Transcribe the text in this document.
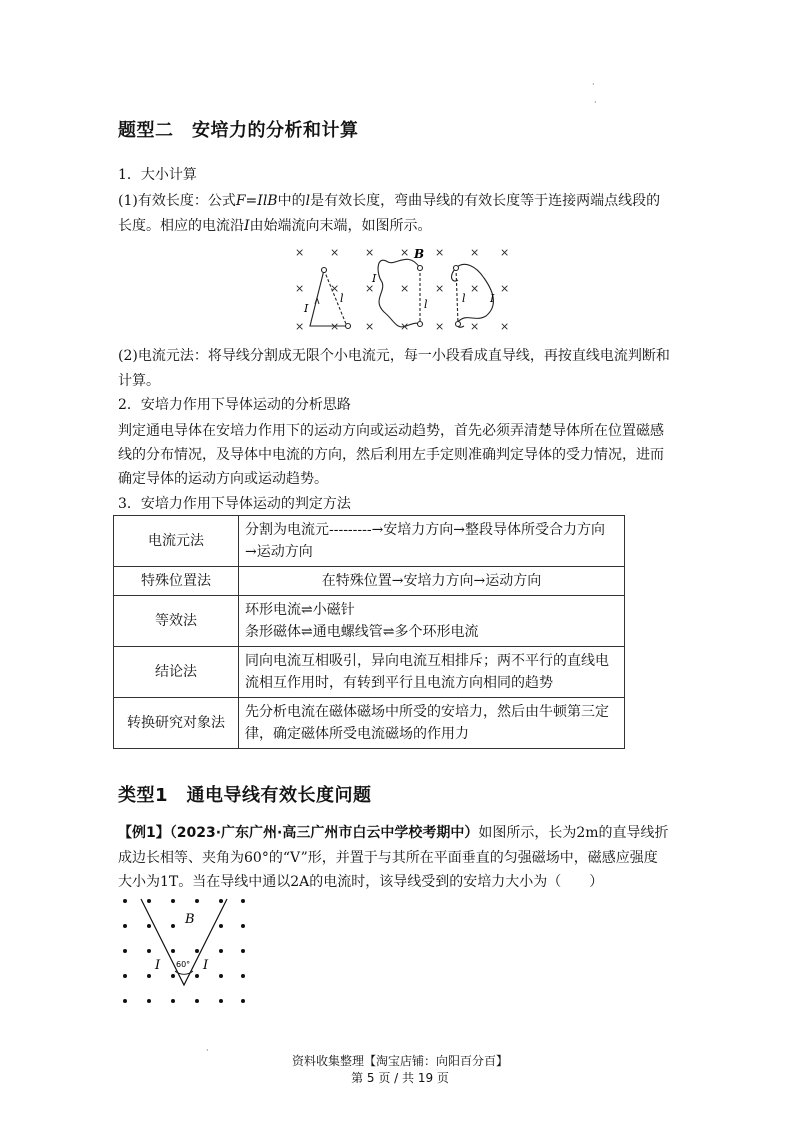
·
·
题型二　安培力的分析和计算
1．大小计算
(1)有效长度：公式F=IlB中的l是有效长度，弯曲导线的有效长度等于连接两端点线段的
长度。相应的电流沿I由始端流向末端，如图所示。
× × × × × × ×
× × × × × × ×
× × × × × × ×
I
l
B
I
l	l I
(2)电流元法：将导线分割成无限个小电流元，每一小段看成直导线，再按直线电流判断和
计算。
2．安培力作用下导体运动的分析思路
判定通电导体在安培力作用下的运动方向或运动趋势，首先必须弄清楚导体所在位置磁感
线的分布情况，及导体中电流的方向，然后利用左手定则准确判定导体的受力情况，进而
确定导体的运动方向或运动趋势。
3．安培力作用下导体运动的判定方法
电流元法	分割为电流元---------→安培力方向→整段导体所受合力方向
→运动方向

特殊位置法	在特殊位置→安培力方向→运动方向

等效法	环形电流⇌小磁针
条形磁体⇌通电螺线管⇌多个环形电流

结论法	同向电流互相吸引，异向电流互相排斥；两不平行的直线电
流相互作用时，有转到平行且电流方向相同的趋势

转换研究对象法	先分析电流在磁体磁场中所受的安培力，然后由牛顿第三定
律，确定磁体所受电流磁场的作用力
类型1　通电导线有效长度问题
【例1】（2023·广东广州·高三广州市白云中学校考期中）如图所示，长为2m的直导线折
成边长相等、夹角为60°的“V”形，并置于与其所在平面垂直的匀强磁场中，磁感应强度
大小为1T。当在导线中通以2A的电流时，该导线受到的安培力大小为（　　）
B
I	I
60°
·
资料收集整理【淘宝店铺：向阳百分百】
第 5 页 / 共 19 页
